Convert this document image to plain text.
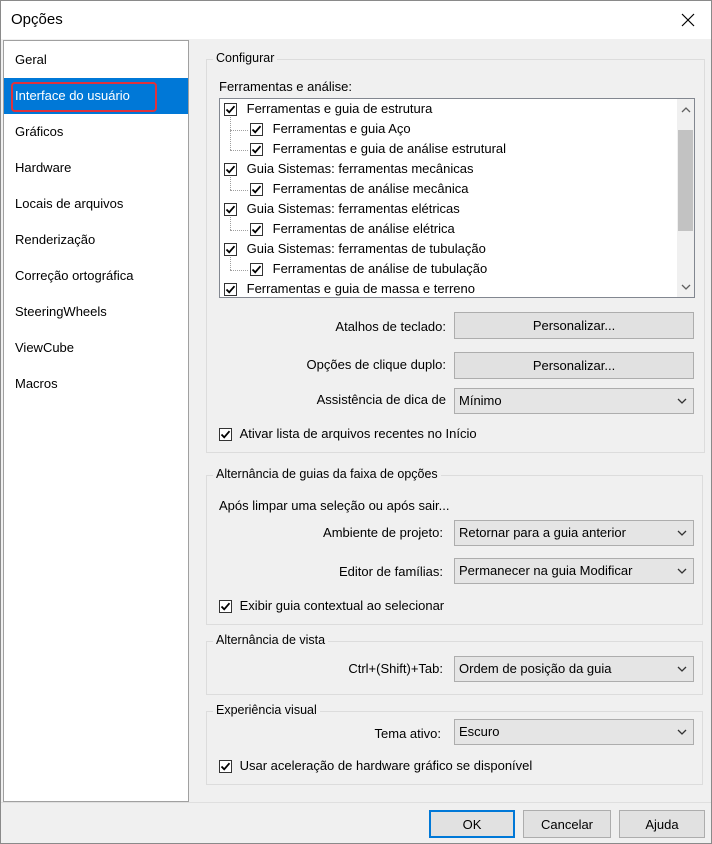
Opções
Geral
Interface do usuário
Gráficos
Hardware
Locais de arquivos
Renderização
Correção ortográfica
SteeringWheels
ViewCube
Macros
Configurar
Ferramentas e análise:
Ferramentas e guia de estrutura
Ferramentas e guia Aço
Ferramentas e guia de análise estrutural
Guia Sistemas: ferramentas mecânicas
Ferramentas de análise mecânica
Guia Sistemas: ferramentas elétricas
Ferramentas de análise elétrica
Guia Sistemas: ferramentas de tubulação
Ferramentas de análise de tubulação
Ferramentas e guia de massa e terreno
Atalhos de teclado:	Personalizar...
Opções de clique duplo:	Personalizar...
Assistência de dica de	Mínimo
Ativar lista de arquivos recentes no Início
Alternância de guias da faixa de opções
Após limpar uma seleção ou após sair...
Ambiente de projeto:	Retornar para a guia anterior
Editor de famílias:	Permanecer na guia Modificar
Exibir guia contextual ao selecionar
Alternância de vista
Ctrl+(Shift)+Tab:	Ordem de posição da guia
Experiência visual
Tema ativo:	Escuro
Usar aceleração de hardware gráfico se disponível
OK	Cancelar	Ajuda
